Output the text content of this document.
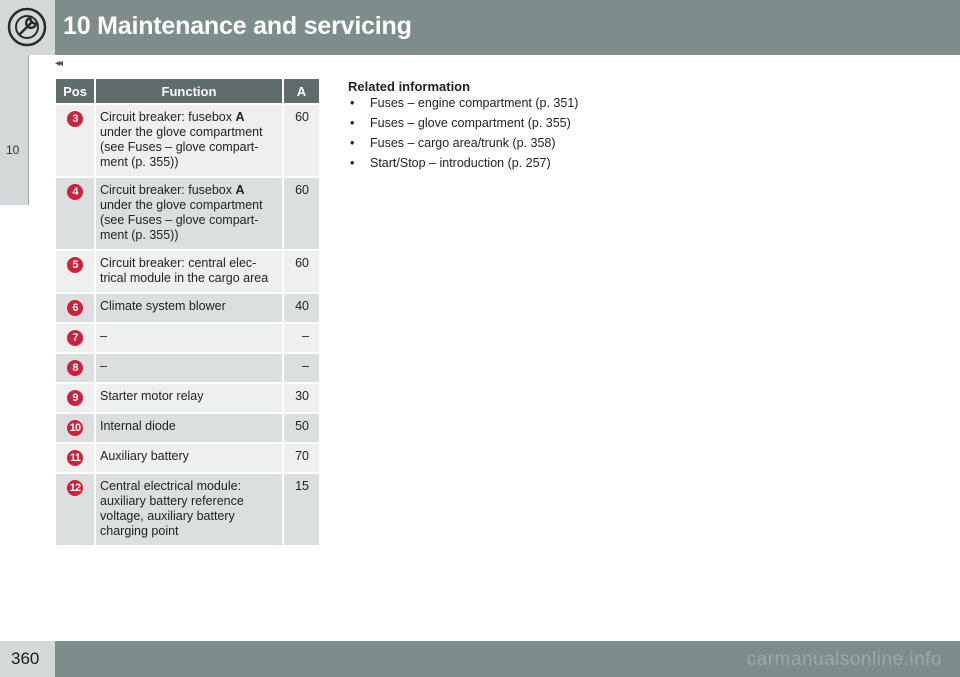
10 Maintenance and servicing
10
◂◂
Pos	Function	A
3	Circuit breaker: fusebox A under the glove compartment (see Fuses – glove compart-ment (p. 355))	60
4	Circuit breaker: fusebox A under the glove compartment (see Fuses – glove compart-ment (p. 355))	60
5	Circuit breaker: central elec-trical module in the cargo area	60
6	Climate system blower	40
7	–	–
8	–	–
9	Starter motor relay	30
10	Internal diode	50
11	Auxiliary battery	70
12	Central electrical module: auxiliary battery reference voltage, auxiliary battery charging point	15
Related information
• Fuses – engine compartment (p. 351)
• Fuses – glove compartment (p. 355)
• Fuses – cargo area/trunk (p. 358)
• Start/Stop – introduction (p. 257)
360	carmanualsonline.info
